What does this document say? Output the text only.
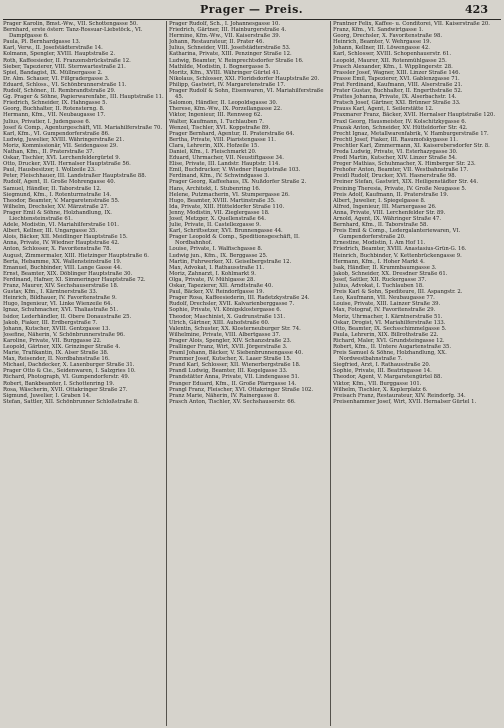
Prager — Preis.	423

Prager Karolin, Bmst.-Ww., VII. Schottengasse 50.

Bernhard, erste österr. Tanz-Rossuar-Liebstöck., VI. Dampfgasse 6.

Paula, Pl. Bernhardgasse 13.

Karl, Verw., II. Josefstädterstraße 14.

Kolmann, Spengler, XVIII. Hauptstraße 2.

Roth, Kaffeesieder, II. Franzensbrückstraße 12.

Sieber, Tapezierer, VIII. Sternwartestraße 21.

Spiel, Bandagist, IX. Müllnergasse 2.

Dr. Alm. Schauer, VI. Fillgradergasse 3.

Eduard, Schloss., VI. Schönbrunnerstraße 11.

Rudolf, Schöner., II. Rembrandtstraße 29.

Gg. Prager & Söhne, Papierwarenfabr., III. Hauptstraße 11.

Friedrich, Schneider, IX. Hahngasse 5.

Georg, Buchhalter, II. Rotensterng. 8.

Hermann, Kfm., VII. Neubaugasse 17.

Julius, Privatier, I. Judengasse 6.

Josef & Comp., Agenturgeschäft, VII. Mariahilferstraße 70.

Karl, Kfm., VI. Gumpendorferstraße 86.

Ludwig, Juwelier, XVIII. Währingerstraße 21.

Moriz, Kommissionär, VII. Seidengasse 29.

Nathan, Kfm., II. Praterstraße 37.

Oskar, Tischler, XVI. Lerchenfeldergürtel 9.

Otto, Drucker, XVII. Hernalser Hauptstraße 56.

Paul, Hausbesitzer, I. Wollzeile 23.

Peter, Fleischhauer, III. Landstraßer Hauptstraße 88.

Rudolf, Agent, II. Große Mohrengasse 40.

Samuel, Händler, II. Taborstraße 12.

Siegmund, Kfm., I. Rotenturmstraße 14.

Theodor, Beamter, V. Margaretenstraße 55.

Wilhelm, Drechsler, XV. Märzstraße 27.

Prager Emil & Söhne, Holzhandlung, IX. Liechtensteinstraße 61.

Adele, Modistin, VI. Mariahilferstraße 101.

Albert, Kellner, III. Ungargasse 35.

Alois, Bäcker, XII. Meidlinger Hauptstraße 15.

Anna, Private, IV. Wiedner Hauptstraße 42.

Anton, Schlosser, X. Favoritenstraße 78.

August, Zimmermaler, XIII. Hietzinger Hauptstraße 6.

Berta, Hebamme, XX. Wallensteinstraße 19.

Emanuel, Buchbinder, VIII. Lange Gasse 44.

Ernst, Beamter, XIX. Döblinger Hauptstraße 30.

Ferdinand, Hafner, XI. Simmeringer Hauptstraße 72.

Franz, Maurer, XIV. Sechshauserstraße 18.

Gustav, Kfm., I. Kärntnerstraße 33.

Heinrich, Bildhauer, IV. Favoritenstraße 9.

Hugo, Ingenieur, VI. Linke Wienzeile 64.

Ignaz, Schuhmacher, XVI. Thaliastraße 51.

Isidor, Lederhändler, II. Obere Donaustraße 25.

Jakob, Fiaker, III. Erdbergstraße 7.

Johann, Kutscher, XVIII. Gentzgasse 13.

Josefine, Näherin, V. Schönbrunnerstraße 96.

Karoline, Private, VII. Burggasse 22.

Leopold, Gärtner, XIX. Grinzinger Straße 4.

Marie, Trafikantin, IX. Alser Straße 38.

Max, Reisender, II. Nordbahnstraße 16.

Michael, Dachdecker, X. Laxenburger Straße 31.

Prager Otto & Cie., Seidenwaren, I. Salzgries 10.

Richard, Photograph, VI. Gumpendorferstr. 49.

Robert, Bankbeamter, I. Schottenring 19.

Rosa, Wäscherin, XVII. Ottakringer Straße 27.

Sigmund, Juwelier, I. Graben 14.

Stefan, Sattler, XII. Schönbrunner Schloßstraße 8.

Prager Rudolf, Sch., I. Johannesgasse 10.

Friedrich, Gärtner, III. Hainburgerstraße 4.

Hermine, Kfm.-Ww., VII. Kaiserstraße 39.

Johann, Restaurateur, II. Prater 46.

Julius, Schneider, VIII. Josefstädterstraße 53.

Katharina, Private, XIII. Penzinger Straße 12.

Ludwig, Beamter, V. Reinprechtsdorfer Straße 16.

Mathilde, Modistin, I. Bognergasse 5.

Moritz, Kfm., XVIII. Währinger Gürtel 41.

Nikolaus, Schlosser, XXI. Floridsdorfer Hauptstraße 20.

Philipp, Gastwirt, IV. Margaretenstraße 17.

Prager Rudolf & Sohn, Eisenwaren, VI. Mariahilferstraße 45.

Salomon, Händler, II. Leopoldsgasse 30.

Therese, Kfm.-Ww., IX. Porzellangasse 22.

Viktor, Ingenieur, III. Rennweg 62.

Walter, Kaufmann, I. Tuchlauben 7.

Wenzel, Tischler, XVI. Koppstraße 89.

Prager Bernhard, Agentur, II. Praterstraße 64.

Bertha, Private, VIII. Piaristengasse 11.

Clara, Lehrerin, XIX. Hofzeile 15.

Daniel, Kfm., I. Fleischmarkt 20.

Eduard, Uhrmacher, VII. Neustiftgasse 34.

Elise, Private, III. Landstr. Hauptstr. 114.

Emil, Buchdrucker, V. Wiedner Hauptstraße 103.

Ferdinand, Kfm., IV. Schwindgasse 3.

Prager Georg, Kaffeehaus, IX. Nußdorfer Straße 2.

Hans, Architekt, I. Stubenring 16.

Helene, Putzmacherin, VI. Stumpergasse 26.

Hugo, Beamter, XVIII. Martinstraße 35.

Ida, Private, XIII. Hütteldorfer Straße 110.

Jenny, Modistin, VII. Zieglergasse 18.

Josef, Metzger, X. Quellenstraße 64.

Julie, Private, II. Castellezgasse 9.

Karl, Schriftsetzer, XVI. Brunnengasse 44.

Prager Leopold & Comp., Speditionsgeschäft, II. Nordbahnhof.

Louise, Private, I. Walfischgasse 8.

Ludwig jun., Kfm., IX. Berggasse 25.

Martin, Fuhrwerker, XI. Geiselbergstraße 12.

Max, Advokat, I. Rathausstraße 11.

Moriz, Zahnarzt, I. Kohlmarkt 9.

Olga, Private, IV. Mühlgasse 28.

Oskar, Tapezierer, XII. Arndtstraße 40.

Paul, Bäcker, XV. Reindorfgasse 19.

Prager Rosa, Kaffeesiederin, III. Radetzkystraße 24.

Rudolf, Drechsler, XVII. Kalvarienberggasse 7.

Sophie, Private, VI. Königsklostergasse 6.

Theodor, Maschinist, X. Gudrunstraße 131.

Ulrich, Gärtner, XIII. Auhofstraße 60.

Valentin, Schuster, XX. Klosterneuburger Str. 74.

Wilhelmine, Private, VIII. Albertgasse 37.

Prager Alois, Spengler, XIV. Schanzstraße 23.

Prallinger Franz, Wirt, XVII. Jörgerstraße 3.

Praml Johann, Bäcker, V. Siebenbrunnengasse 40.

Prammer Josef, Kutscher, X. Laaer Straße 15.

Prand Karl, Schlosser, XII. Wienerbergstraße 18.

Prandl Ludwig, Beamter, III. Kegelgasse 33.

Prandstätter Anna, Private, VII. Lindengasse 51.

Pranger Eduard, Kfm., II. Große Pfarrgasse 14.

Prangl Franz, Fleischer, XVI. Ottakringer Straße 102.

Pranz Marie, Näherin, IV. Rainergasse 8.

Prasch Anton, Tischler, XV. Sechshauserstr. 66.

Prantner Felix, Kaffee- u. Conditorei, VII. Kaiserstraße 20.

Franz, Kfm., VI. Sandwirtgasse 1.

Georg, Drechsler, X. Favoritenstraße 98.

Heinrich, Beamter, V. Wehrgasse 19.

Johann, Kellner, III. Löwengasse 42.

Karl, Schlosser, XVIII. Schopenhauerstr. 61.

Leopold, Maurer, XII. Rotenmühlgasse 25.

Prasch Alexander, Kfm., I. Wipplingerstr. 28.

Prassler Josef, Wagner, XIII. Linzer Straße 146.

Prasse Emil, Tapezierer, XVI. Gablenzgasse 71.

Prat Ferdinand, Kaufmann, VIII. Alserstraße 21.

Prater Gustav, Buchhalter, II. Engerthstraße 52.

Prattes Johanna, Private, IX. Alserbachstr. 14.

Pratsch Josef, Gärtner, XXI. Brünner Straße 33.

Prauss Karl, Agent, I. Seilerstätte 12.

Praxmarer Franz, Bäcker, XVII. Hernalser Hauptstraße 120.

Praxl Georg, Hausmeister, IV. Kolschitzkygasse 6.

Prazak Anton, Schneider, XV. Hütteldorfer Str. 42.

Precht Ignaz, Metallwarenfabrik, V. Hamburgerstraße 17.

Prechtl Josef, Fiaker, III. Rasumofskygasse 11.

Prechtler Karl, Zimmermann, XI. Kaiserebersdorfer Str. 8.

Preda Ludwig, Private, VI. Esterhazygasse 30.

Predl Martin, Kutscher, XIV. Linzer Straße 54.

Preger Mathias, Schuhmacher, X. Himberger Str. 23.

Prehofer Anton, Beamter, VII. Westbahnstraße 17.

Preidl Rudolf, Drucker, XVI. Hasnerstraße 98.

Preiner Stefan, Gastwirt, XIX. Heiligenstädter Str. 44.

Preining Theresia, Private, IV. Große Neugasse 5.

Preis Adolf, Kaufmann, II. Praterstraße 19.

Albert, Juwelier, I. Spiegelgasse 8.

Alfred, Ingenieur, III. Marxergasse 26.

Anna, Private, VIII. Lerchenfelder Str. 89.

Arnold, Agent, IX. Währinger Straße 47.

Bernhard, Kfm., II. Taborstraße 58.

Preis Emil & Comp., Ledergalanteriewaren, VI. Gumpendorferstraße 20.

Ernestine, Modistin, I. Am Hof 11.

Friedrich, Beamter, XVIII. Anastasius-Grün-G. 16.

Heinrich, Buchbinder, V. Kettenbrückengasse 9.

Hermann, Kfm., I. Hoher Markt 4.

Isak, Händler, II. Krummbaumgasse 3.

Jakob, Schneider, XX. Dresdner Straße 61.

Josef, Sattler, XII. Ruckergasse 37.

Julius, Advokat, I. Tuchlauben 18.

Preis Karl & Sohn, Spediteure, III. Aspangstr. 2.

Leo, Kaufmann, VII. Neubaugasse 77.

Louise, Private, XIII. Lainzer Straße 39.

Max, Fotograf, IV. Favoritenstraße 29.

Moriz, Uhrmacher, I. Kärntnerstraße 51.

Oskar, Drogist, VI. Mariahilferstraße 133.

Otto, Beamter, IX. Sechsschimmelgasse 5.

Paula, Lehrerin, XIX. Billrothstraße 22.

Richard, Maler, XVI. Grundsteingasse 12.

Robert, Kfm., II. Untere Augartenstraße 35.

Preis Samuel & Söhne, Holzhandlung, XX. Nordwestbahnstraße 7.

Siegfried, Arzt, I. Rathausstraße 20.

Sophie, Private, III. Beatrixgasse 14.

Theodor, Agent, V. Margaretengürtel 88.

Viktor, Kfm., VII. Burggasse 101.

Wilhelm, Tischler, X. Keplerplatz 6.

Preisach Franz, Restaurateur, XIV. Reindorfg. 34.

Preisenhammer Josef, Wirt, XVII. Hernalser Gürtel 1.
